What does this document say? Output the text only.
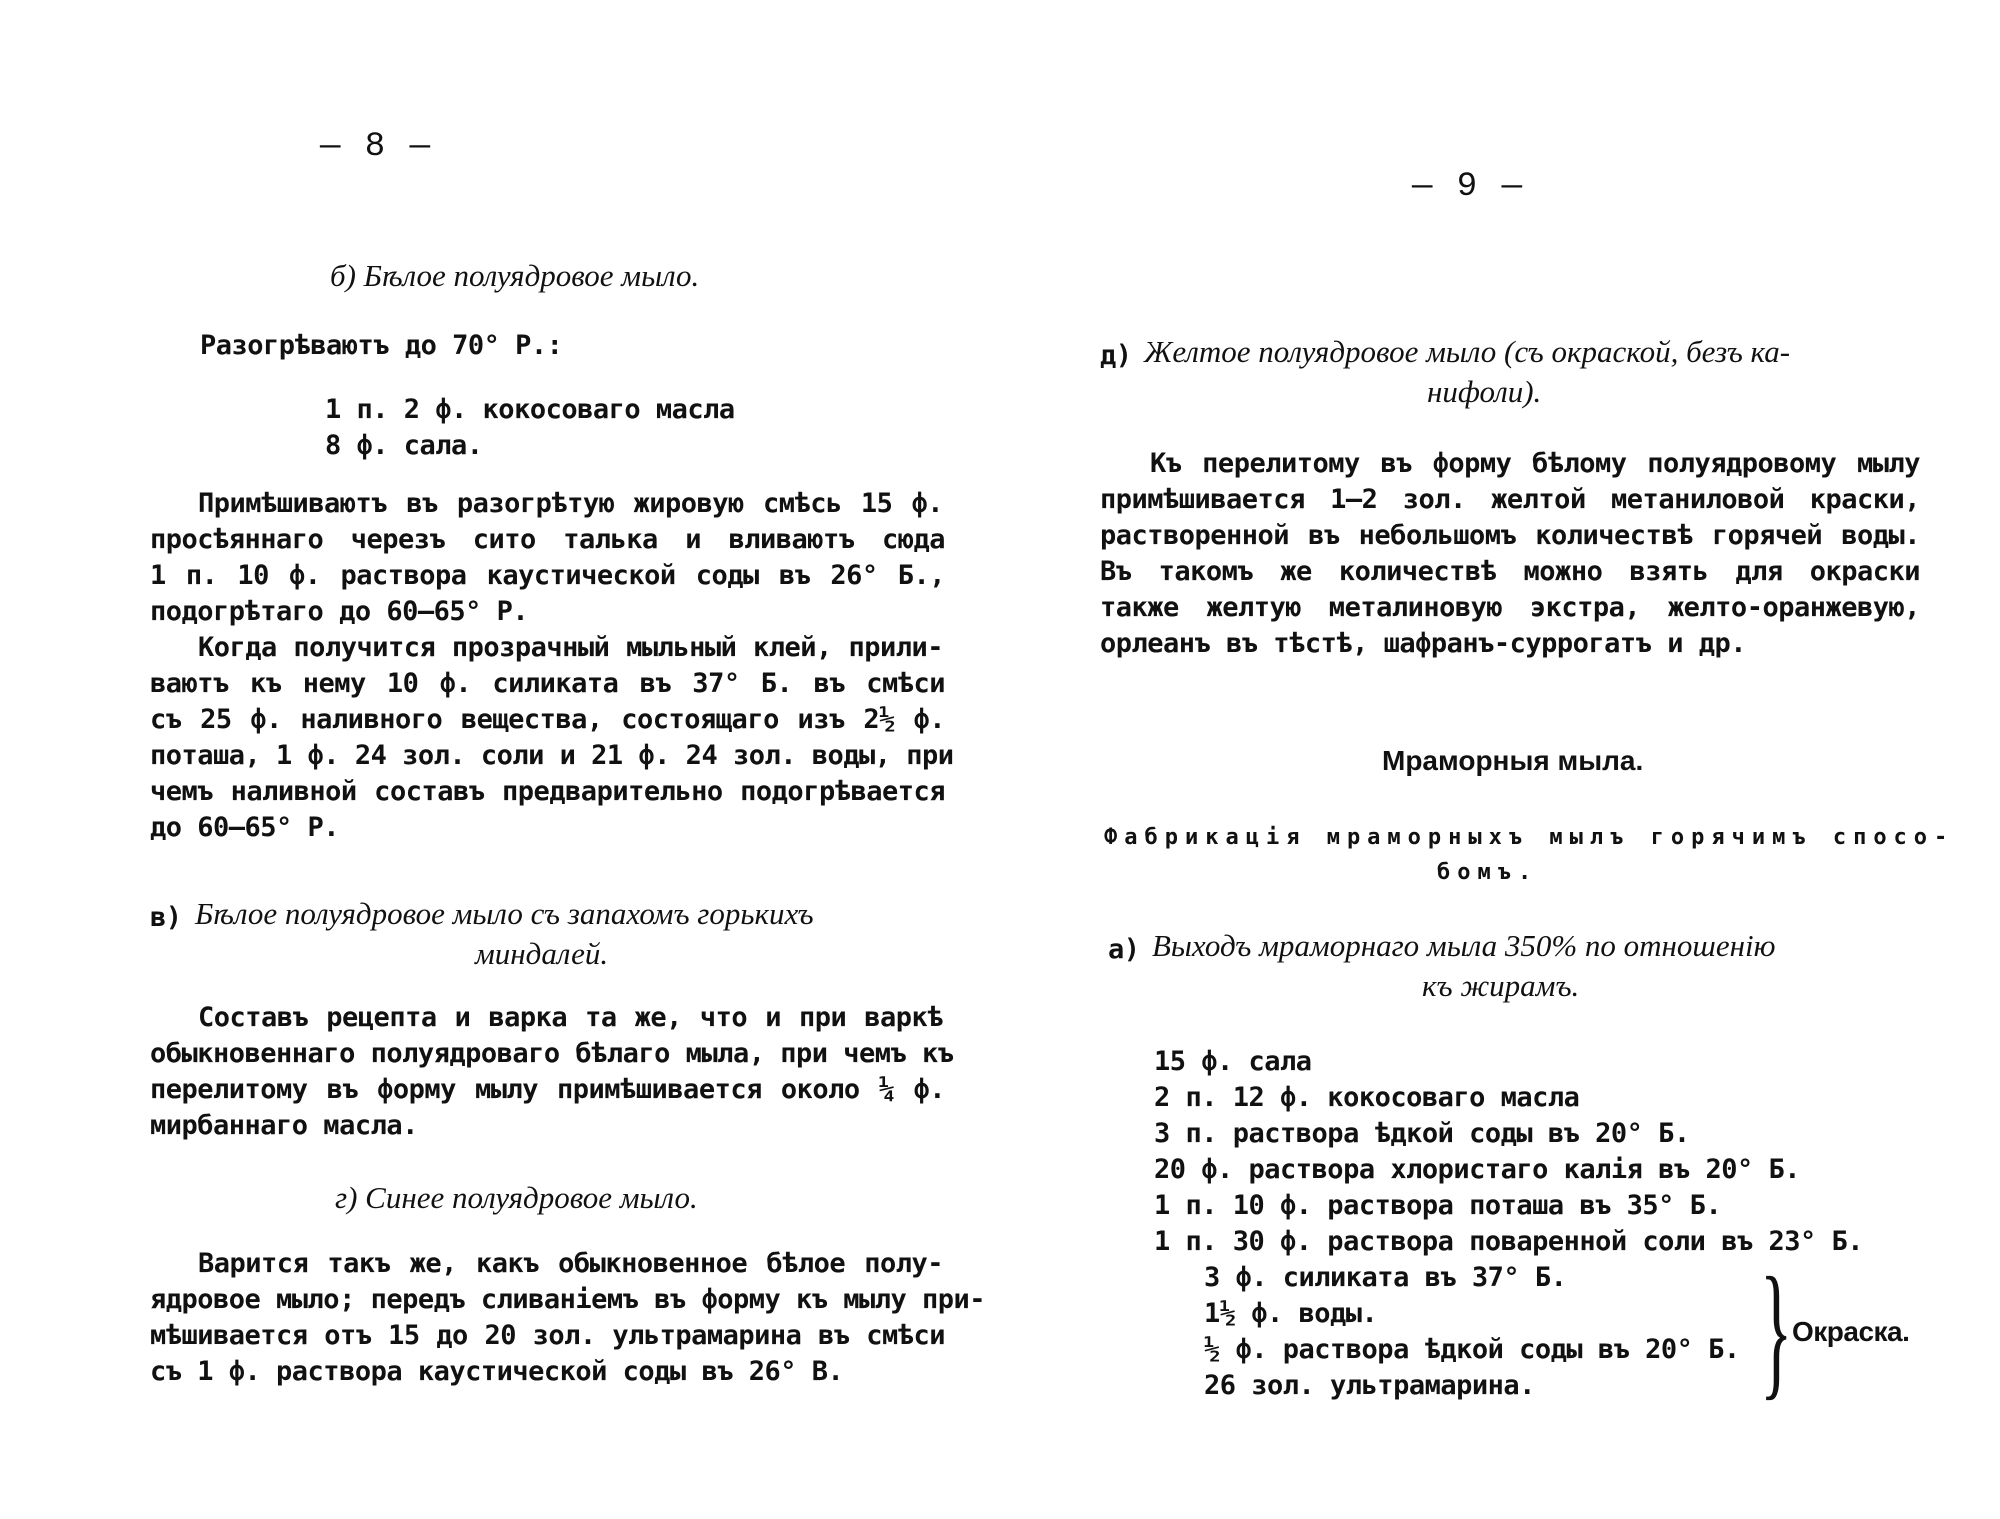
— 8 —
б) Бѣлое полуядровое мыло.
Разогрѣваютъ до 70° Р.:
1 п. 2 ф. кокосоваго масла
8 ф. сала.
Примѣшиваютъ въ разогрѣтую жировую смѣсь 15 ф.
просѣяннаго черезъ сито талька и вливаютъ сюда
1 п. 10 ф. раствора каустической соды въ 26° Б.,
подогрѣтаго до 60—65° Р.
Когда получится прозрачный мыльный клей, прили-
ваютъ къ нему 10 ф. силиката въ 37° Б. въ смѣси
съ 25 ф. наливного вещества, состоящаго изъ 2½ ф.
поташа, 1 ф. 24 зол. соли и 21 ф. 24 зол. воды, при
чемъ наливной составъ предварительно подогрѣвается
до 60—65° Р.
в) Бѣлое полуядровое мыло съ запахомъ горькихъ
миндалей.
Составъ рецепта и варка та же, что и при варкѣ
обыкновеннаго полуядроваго бѣлаго мыла, при чемъ къ
перелитому въ форму мылу примѣшивается около ¼ ф.
мирбаннаго масла.
г) Синее полуядровое мыло.
Варится такъ же, какъ обыкновенное бѣлое полу-
ядровое мыло; передъ сливаніемъ въ форму къ мылу при-
мѣшивается отъ 15 до 20 зол. ультрамарина въ смѣси
съ 1 ф. раствора каустической соды въ 26° В.
— 9 —
д) Желтое полуядровое мыло (съ окраской, безъ ка-
нифоли).
Къ перелитому въ форму бѣлому полуядровому мылу
примѣшивается 1—2 зол. желтой метаниловой краски,
растворенной въ небольшомъ количествѣ горячей воды.
Въ такомъ же количествѣ можно взять для окраски
также желтую металиновую экстра, желто-оранжевую,
орлеанъ въ тѣстѣ, шафранъ-суррогатъ и др.
Мраморныя мыла.
Фабрикація мраморныхъ мылъ горячимъ спосо-
бомъ.
а) Выходъ мраморнаго мыла 350% по отношенію
къ жирамъ.
15 ф. сала
2 п. 12 ф. кокосоваго масла
3 п. раствора ѣдкой соды въ 20° Б.
20 ф. раствора хлористаго калія въ 20° Б.
1 п. 10 ф. раствора поташа въ 35° Б.
1 п. 30 ф. раствора поваренной соли въ 23° Б.
3 ф. силиката въ 37° Б.
1½ ф. воды.
½ ф. раствора ѣдкой соды въ 20° Б.
26 зол. ультрамарина. } Окраска.
